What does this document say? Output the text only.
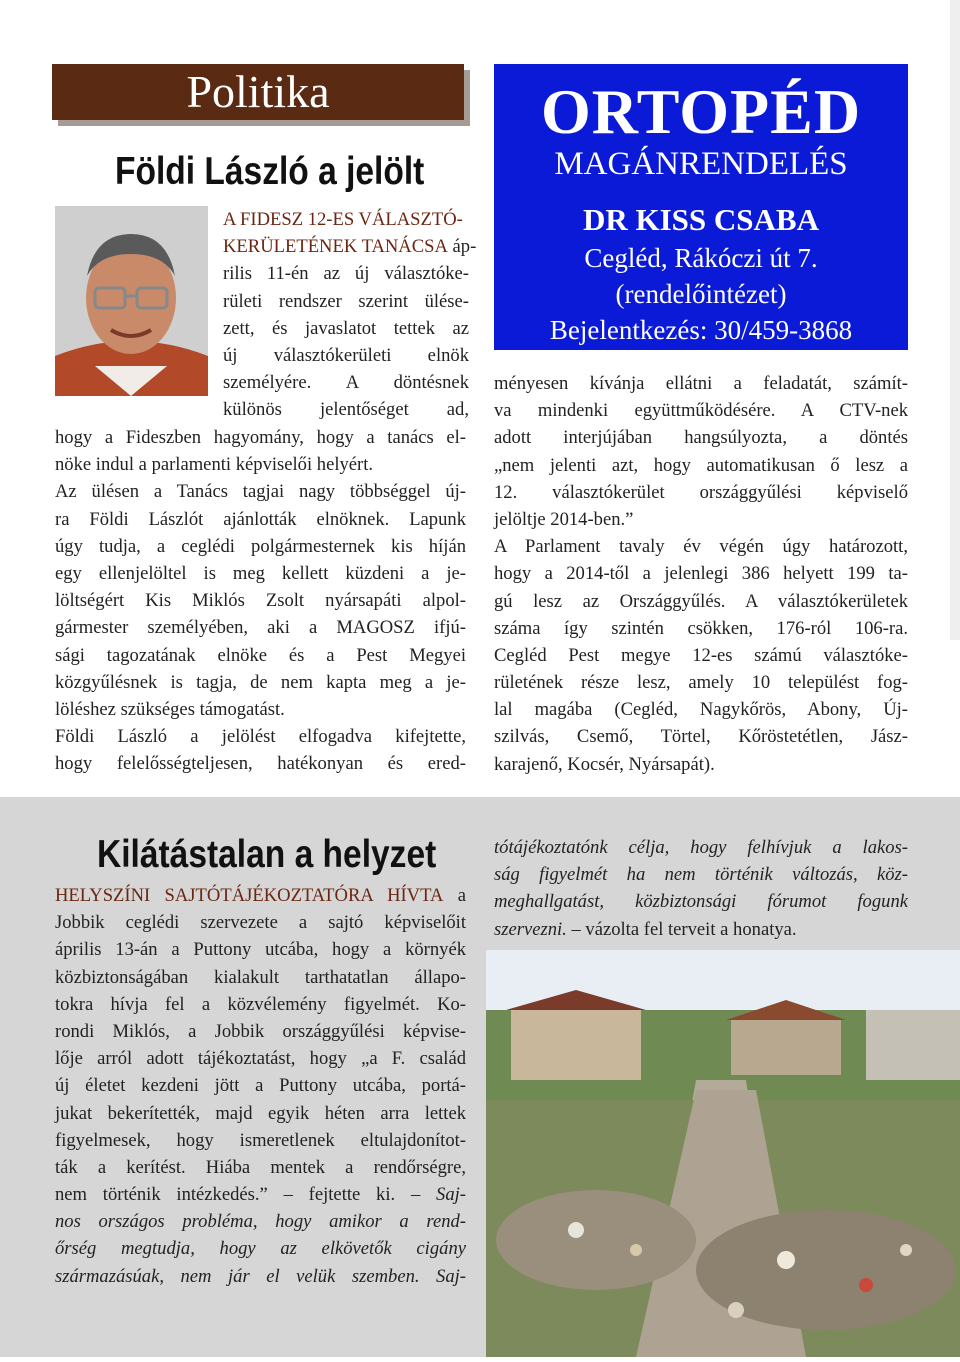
Politika
Földi László a jelölt
A FIDESZ 12-ES VÁLASZTÓ-
KERÜLETÉNEK TANÁCSA áp-
rilis 11-én az új választóke-
rületi rendszer szerint ülése-
zett, és javaslatot tettek az
új választókerületi elnök
személyére. A döntésnek
különös jelentőséget ad,
hogy a Fideszben hagyomány, hogy a tanács el-
nöke indul a parlamenti képviselői helyért.
Az ülésen a Tanács tagjai nagy többséggel új-
ra Földi Lászlót ajánlották elnöknek. Lapunk
úgy tudja, a ceglédi polgármesternek kis híján
egy ellenjelöltel is meg kellett küzdeni a je-
löltségért Kis Miklós Zsolt nyársapáti alpol-
gármester személyében, aki a MAGOSZ ifjú-
sági tagozatának elnöke és a Pest Megyei
közgyűlésnek is tagja, de nem kapta meg a je-
löléshez szükséges támogatást.
Földi László a jelölést elfogadva kifejtette,
hogy felelősségteljesen, hatékonyan és ered-
ORTOPÉD
MAGÁNRENDELÉS
DR KISS CSABA
Cegléd, Rákóczi út 7.
(rendelőintézet)
Bejelentkezés: 30/459-3868
ményesen kívánja ellátni a feladatát, számít-
va mindenki együttműködésére. A CTV-nek
adott interjújában hangsúlyozta, a döntés
„nem jelenti azt, hogy automatikusan ő lesz a
12. választókerület országgyűlési képviselő
jelöltje 2014-ben.”
A Parlament tavaly év végén úgy határozott,
hogy a 2014-től a jelenlegi 386 helyett 199 ta-
gú lesz az Országgyűlés. A választókerületek
száma így szintén csökken, 176-ról 106-ra.
Cegléd Pest megye 12-es számú választóke-
rületének része lesz, amely 10 települést fog-
lal magába (Cegléd, Nagykőrös, Abony, Új-
szilvás, Csemő, Törtel, Kőröstetétlen, Jász-
karajenő, Kocsér, Nyársapát).
Kilátástalan a helyzet
HELYSZÍNI SAJTÓTÁJÉKOZTATÓRA HÍVTA a
Jobbik ceglédi szervezete a sajtó képviselőit
április 13-án a Puttony utcába, hogy a környék
közbiztonságában kialakult tarthatatlan állapo-
tokra hívja fel a közvélemény figyelmét. Ko-
rondi Miklós, a Jobbik országgyűlési képvise-
lője arról adott tájékoztatást, hogy „a F. család
új életet kezdeni jött a Puttony utcába, portá-
jukat bekerítették, majd egyik héten arra lettek
figyelmesek, hogy ismeretlenek eltulajdonítot-
ták a kerítést. Hiába mentek a rendőrségre,
nem történik intézkedés.” – fejtette ki. – Saj-
nos országos probléma, hogy amikor a rend-
őrség megtudja, hogy az elkövetők cigány
származásúak, nem jár el velük szemben. Saj-
tótájékoztatónk célja, hogy felhívjuk a lakos-
ság figyelmét ha nem történik változás, köz-
meghallgatást, közbiztonsági fórumot fogunk
szervezni. – vázolta fel terveit a honatya.
